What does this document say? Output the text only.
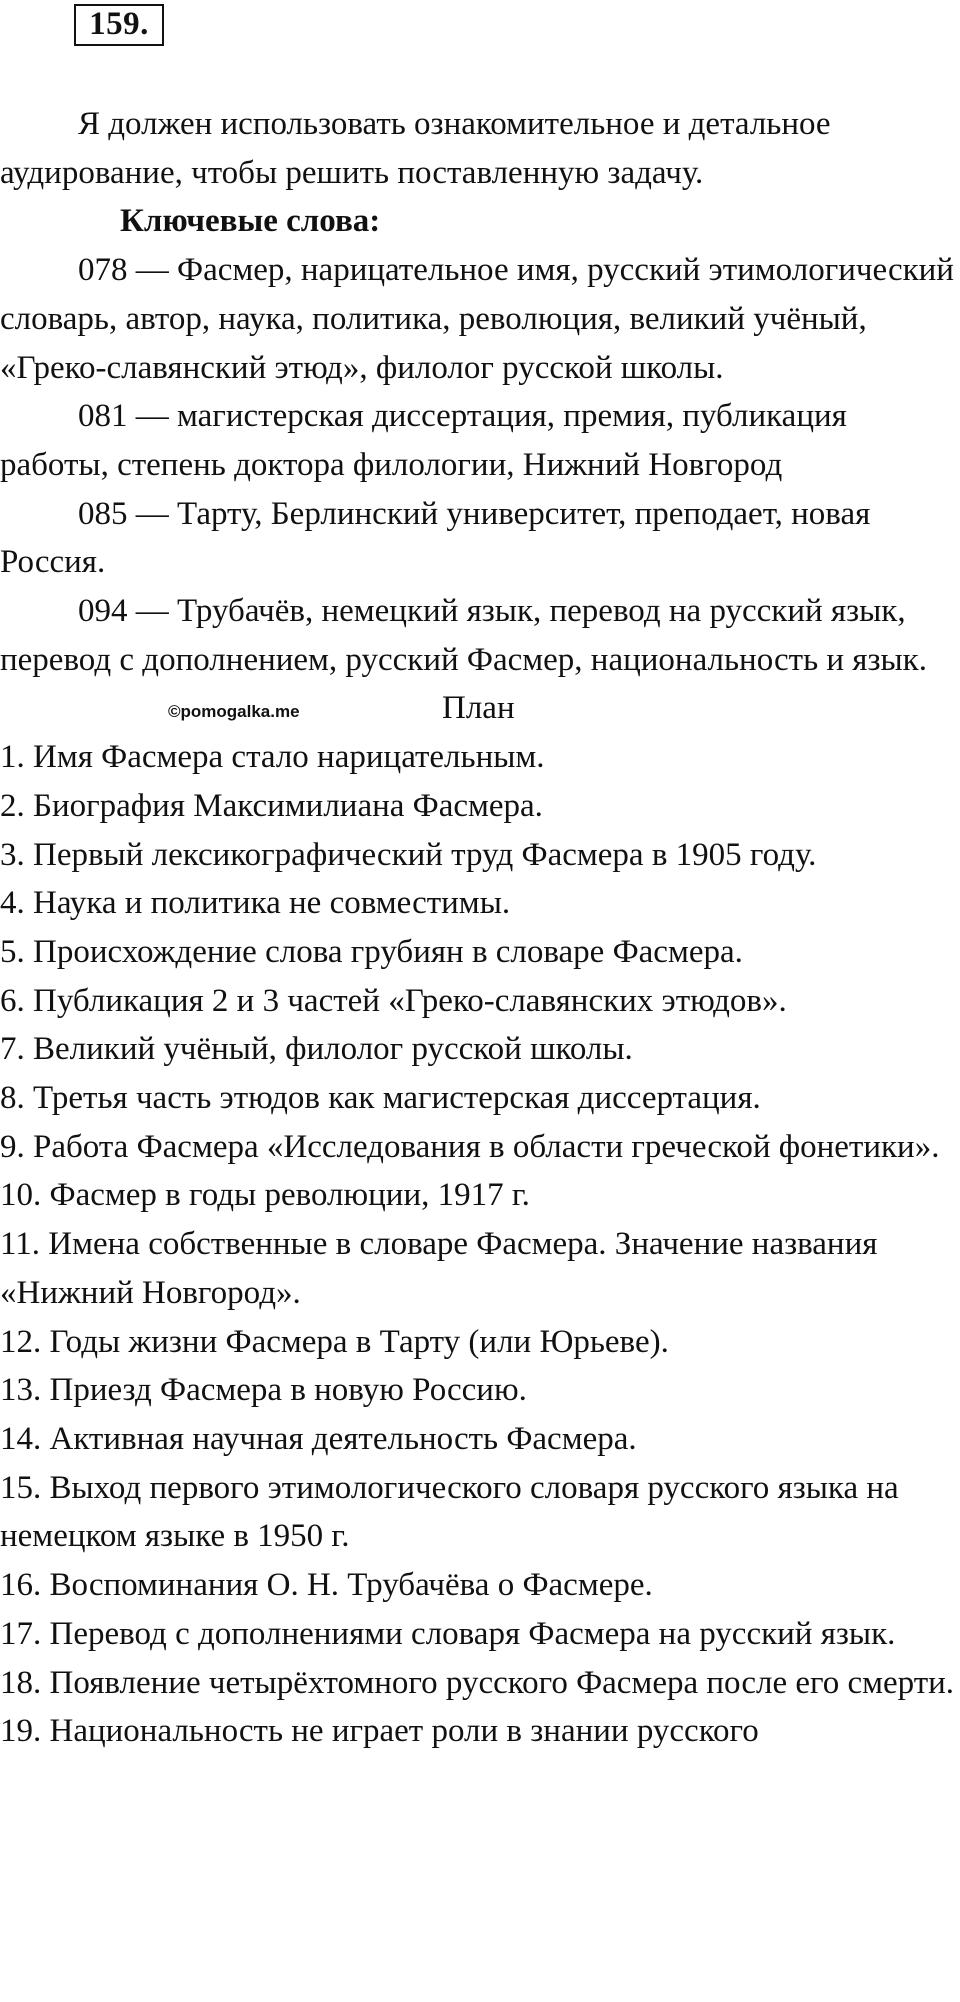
159.

Я должен использовать ознакомительное и детальное аудирование, чтобы решить поставленную задачу.

Ключевые слова:

078 — Фасмер, нарицательное имя, русский этимологический словарь, автор, наука, политика, революция, великий учёный, «Греко-славянский этюд», филолог русской школы.

081 — магистерская диссертация, премия, публикация работы, степень доктора филологии, Нижний Новгород

085 — Тарту, Берлинский университет, преподает, новая Россия.

094 — Трубачёв, немецкий язык, перевод на русский язык, перевод с дополнением, русский Фасмер, национальность и язык.

План
©pomogalka.me

1. Имя Фасмера стало нарицательным.
2. Биография Максимилиана Фасмера.
3. Первый лексикографический труд Фасмера в 1905 году.
4. Наука и политика не совместимы.
5. Происхождение слова грубиян в словаре Фасмера.
6. Публикация 2 и 3 частей «Греко-славянских этюдов».
7. Великий учёный, филолог русской школы.
8. Третья часть этюдов как магистерская диссертация.
9. Работа Фасмера «Исследования в области греческой фонетики».
10. Фасмер в годы революции, 1917 г.
11. Имена собственные в словаре Фасмера. Значение названия «Нижний Новгород».
12. Годы жизни Фасмера в Тарту (или Юрьеве).
13. Приезд Фасмера в новую Россию.
14. Активная научная деятельность Фасмера.
15. Выход первого этимологического словаря русского языка на немецком языке в 1950 г.
16. Воспоминания О. Н. Трубачёва о Фасмере.
17. Перевод с дополнениями словаря Фасмера на русский язык.
18. Появление четырёхтомного русского Фасмера после его смерти.
19. Национальность не играет роли в знании русского
